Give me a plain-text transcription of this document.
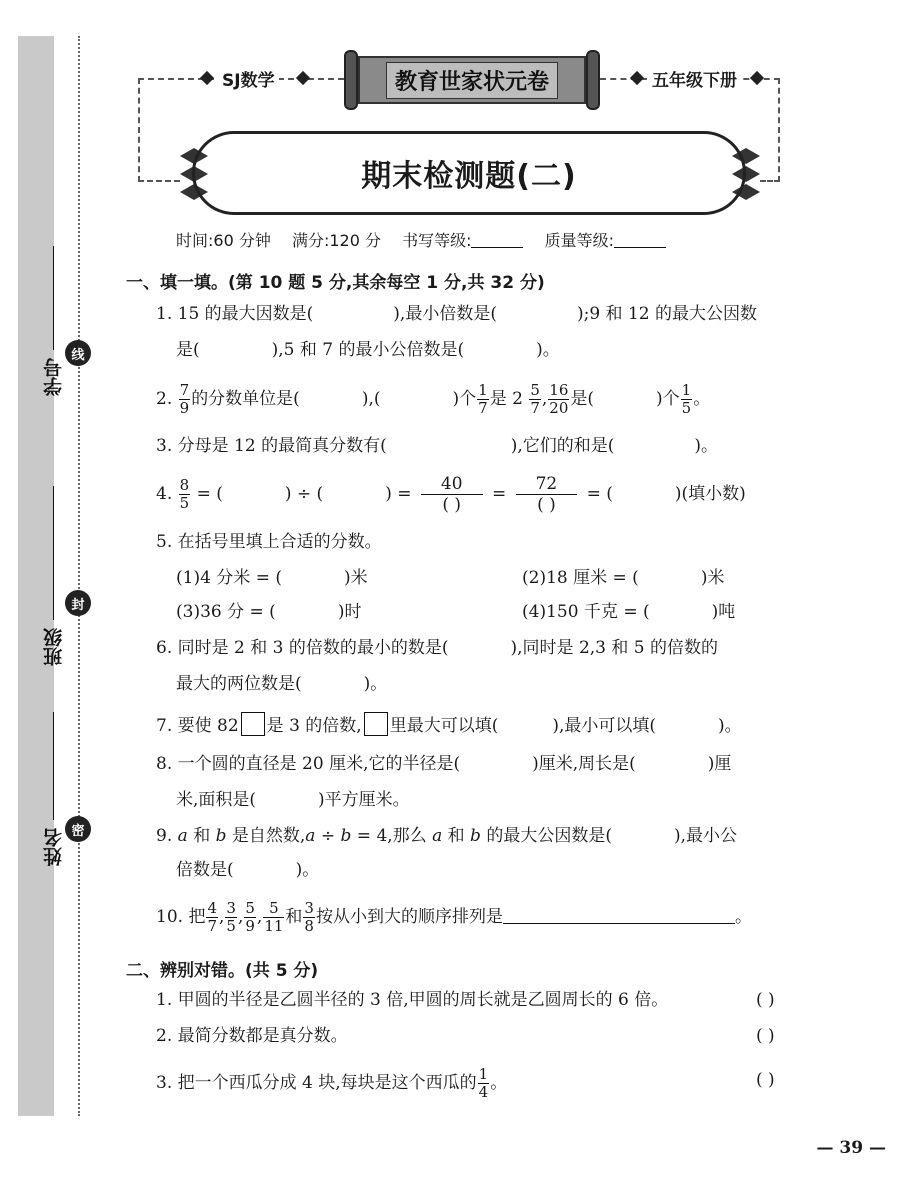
学号
班级
姓名
线
封
密
SJ数学	五年级下册
教育世家状元卷
期末检测题(二)
时间:60 分钟 满分:120 分 书写等级:	质量等级:
一、填一填。(第 10 题 5 分,其余每空 1 分,共 32 分)
1. 15 的最大因数是(	),最小倍数是(	);9 和 12 的最大公因数
是(	),5 和 7 的最小公倍数是(	)。
2. $\frac{7}{9}$ 的分数单位是(	),(	)个 $\frac{1}{7}$ 是 $2 \frac{5}{7}$ , $\frac{16}{20}$ 是(	)个 $\frac{1}{5}$ 。
3. 分母是 12 的最简真分数有(	),它们的和是(	)。
4. $\frac{8}{5}$ = (	) ÷ (	) =	40
( )
=	72
( )
= (	)(填小数)
5. 在括号里填上合适的分数。
(1)4 分米 = (	)米	(2)18 厘米 = (	)米
(3)36 分 = (	)时	(4)150 千克 = (	)吨
6. 同时是 2 和 3 的倍数的最小的数是(	),同时是 2,3 和 5 的倍数的
最大的两位数是(	)。
7. 要使 82 是 3 的倍数, 里最大可以填(	),最小可以填(	)。
8. 一个圆的直径是 20 厘米,它的半径是(	)厘米,周长是(	)厘
米,面积是(	)平方厘米。
9. a 和 b 是自然数,a ÷ b = 4,那么 a 和 b 的最大公因数是(	),最小公
倍数是(	)。
10. 把 $\frac{4}{7}$ , $\frac{3}{5}$ , $\frac{5}{9}$ , $\frac{5}{11}$ 和 $\frac{3}{8}$ 按从小到大的顺序排列是	。
二、辨别对错。(共 5 分)
1. 甲圆的半径是乙圆半径的 3 倍,甲圆的周长就是乙圆周长的 6 倍。	( )
2. 最简分数都是真分数。	( )
3. 把一个西瓜分成 4 块,每块是这个西瓜的 $\frac{1}{4}$ 。	( )
— 39 —
